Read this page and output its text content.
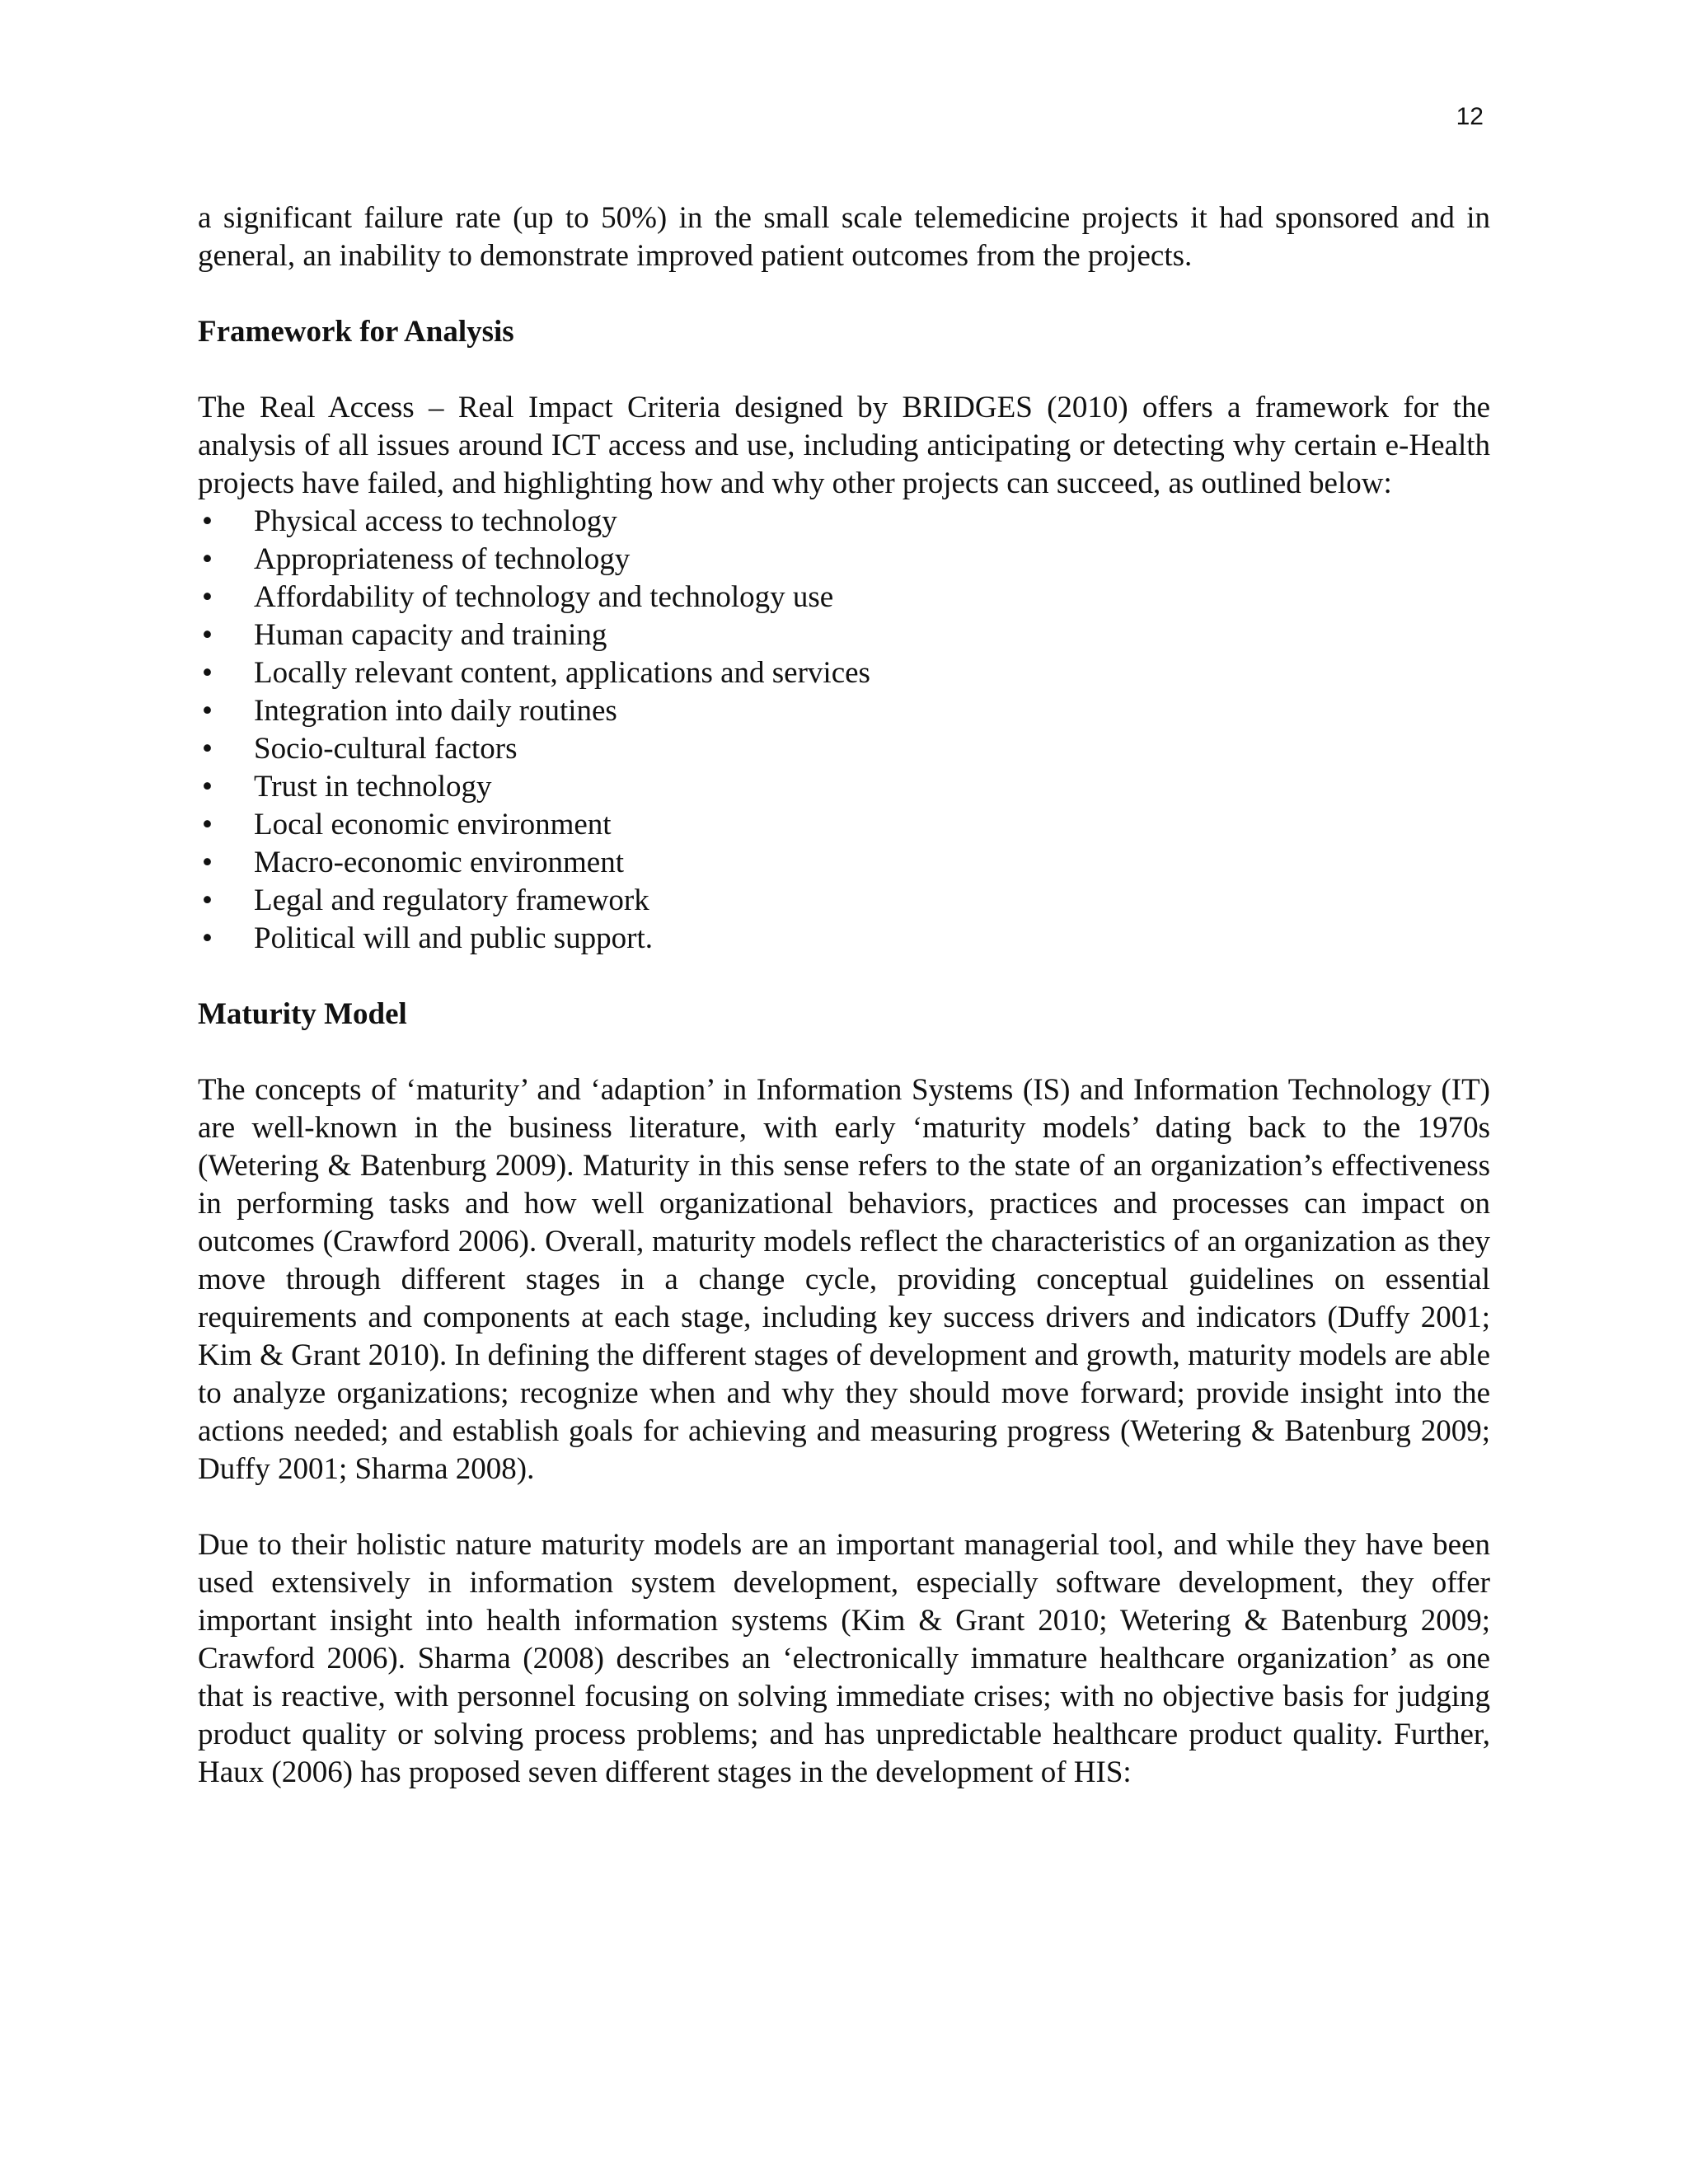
12

a significant failure rate (up to 50%) in the small scale telemedicine projects it had sponsored and in general, an inability to demonstrate improved patient outcomes from the projects.

Framework for Analysis

The Real Access – Real Impact Criteria designed by BRIDGES (2010) offers a framework for the analysis of all issues around ICT access and use, including anticipating or detecting why certain e-Health projects have failed, and highlighting how and why other projects can succeed, as outlined below:

• Physical access to technology
• Appropriateness of technology
• Affordability of technology and technology use
• Human capacity and training
• Locally relevant content, applications and services
• Integration into daily routines
• Socio-cultural factors
• Trust in technology
• Local economic environment
• Macro-economic environment
• Legal and regulatory framework
• Political will and public support.

Maturity Model

The concepts of ‘maturity’ and ‘adaption’ in Information Systems (IS) and Information Technology (IT) are well-known in the business literature, with early ‘maturity models’ dating back to the 1970s (Wetering & Batenburg 2009). Maturity in this sense refers to the state of an organization’s effectiveness in performing tasks and how well organizational behaviors, practices and processes can impact on outcomes (Crawford 2006). Overall, maturity models reflect the characteristics of an organization as they move through different stages in a change cycle, providing conceptual guidelines on essential requirements and components at each stage, including key success drivers and indicators (Duffy 2001; Kim & Grant 2010). In defining the different stages of development and growth, maturity models are able to analyze organizations; recognize when and why they should move forward; provide insight into the actions needed; and establish goals for achieving and measuring progress (Wetering & Batenburg 2009; Duffy 2001; Sharma 2008).

Due to their holistic nature maturity models are an important managerial tool, and while they have been used extensively in information system development, especially software development, they offer important insight into health information systems (Kim & Grant 2010; Wetering & Batenburg 2009; Crawford 2006). Sharma (2008) describes an ‘electronically immature healthcare organization’ as one that is reactive, with personnel focusing on solving immediate crises; with no objective basis for judging product quality or solving process problems; and has unpredictable healthcare product quality. Further, Haux (2006) has proposed seven different stages in the development of HIS:
